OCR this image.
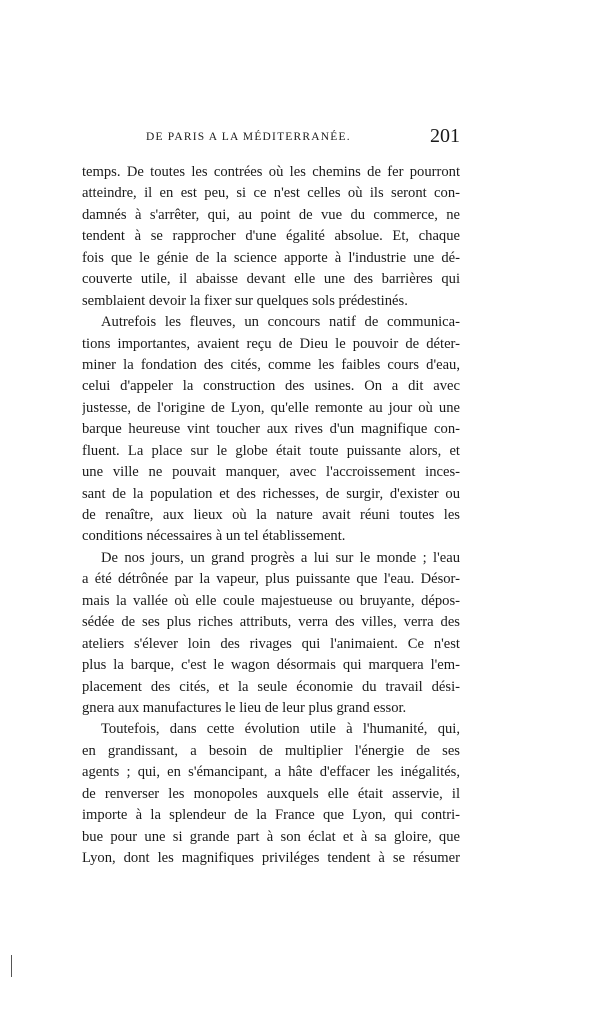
DE PARIS A LA MÉDITERRANÉE.	201
temps. De toutes les contrées où les chemins de fer pourront
atteindre, il en est peu, si ce n'est celles où ils seront con-
damnés à s'arrêter, qui, au point de vue du commerce, ne
tendent à se rapprocher d'une égalité absolue. Et, chaque
fois que le génie de la science apporte à l'industrie une dé-
couverte utile, il abaisse devant elle une des barrières qui
semblaient devoir la fixer sur quelques sols prédestinés.
Autrefois les fleuves, un concours natif de communica-
tions importantes, avaient reçu de Dieu le pouvoir de déter-
miner la fondation des cités, comme les faibles cours d'eau,
celui d'appeler la construction des usines. On a dit avec
justesse, de l'origine de Lyon, qu'elle remonte au jour où une
barque heureuse vint toucher aux rives d'un magnifique con-
fluent. La place sur le globe était toute puissante alors, et
une ville ne pouvait manquer, avec l'accroissement inces-
sant de la population et des richesses, de surgir, d'exister ou
de renaître, aux lieux où la nature avait réuni toutes les
conditions nécessaires à un tel établissement.
De nos jours, un grand progrès a lui sur le monde ; l'eau
a été détrônée par la vapeur, plus puissante que l'eau. Désor-
mais la vallée où elle coule majestueuse ou bruyante, dépos-
sédée de ses plus riches attributs, verra des villes, verra des
ateliers s'élever loin des rivages qui l'animaient. Ce n'est
plus la barque, c'est le wagon désormais qui marquera l'em-
placement des cités, et la seule économie du travail dési-
gnera aux manufactures le lieu de leur plus grand essor.
Toutefois, dans cette évolution utile à l'humanité, qui,
en grandissant, a besoin de multiplier l'énergie de ses
agents ; qui, en s'émancipant, a hâte d'effacer les inégalités,
de renverser les monopoles auxquels elle était asservie, il
importe à la splendeur de la France que Lyon, qui contri-
bue pour une si grande part à son éclat et à sa gloire, que
Lyon, dont les magnifiques priviléges tendent à se résumer
